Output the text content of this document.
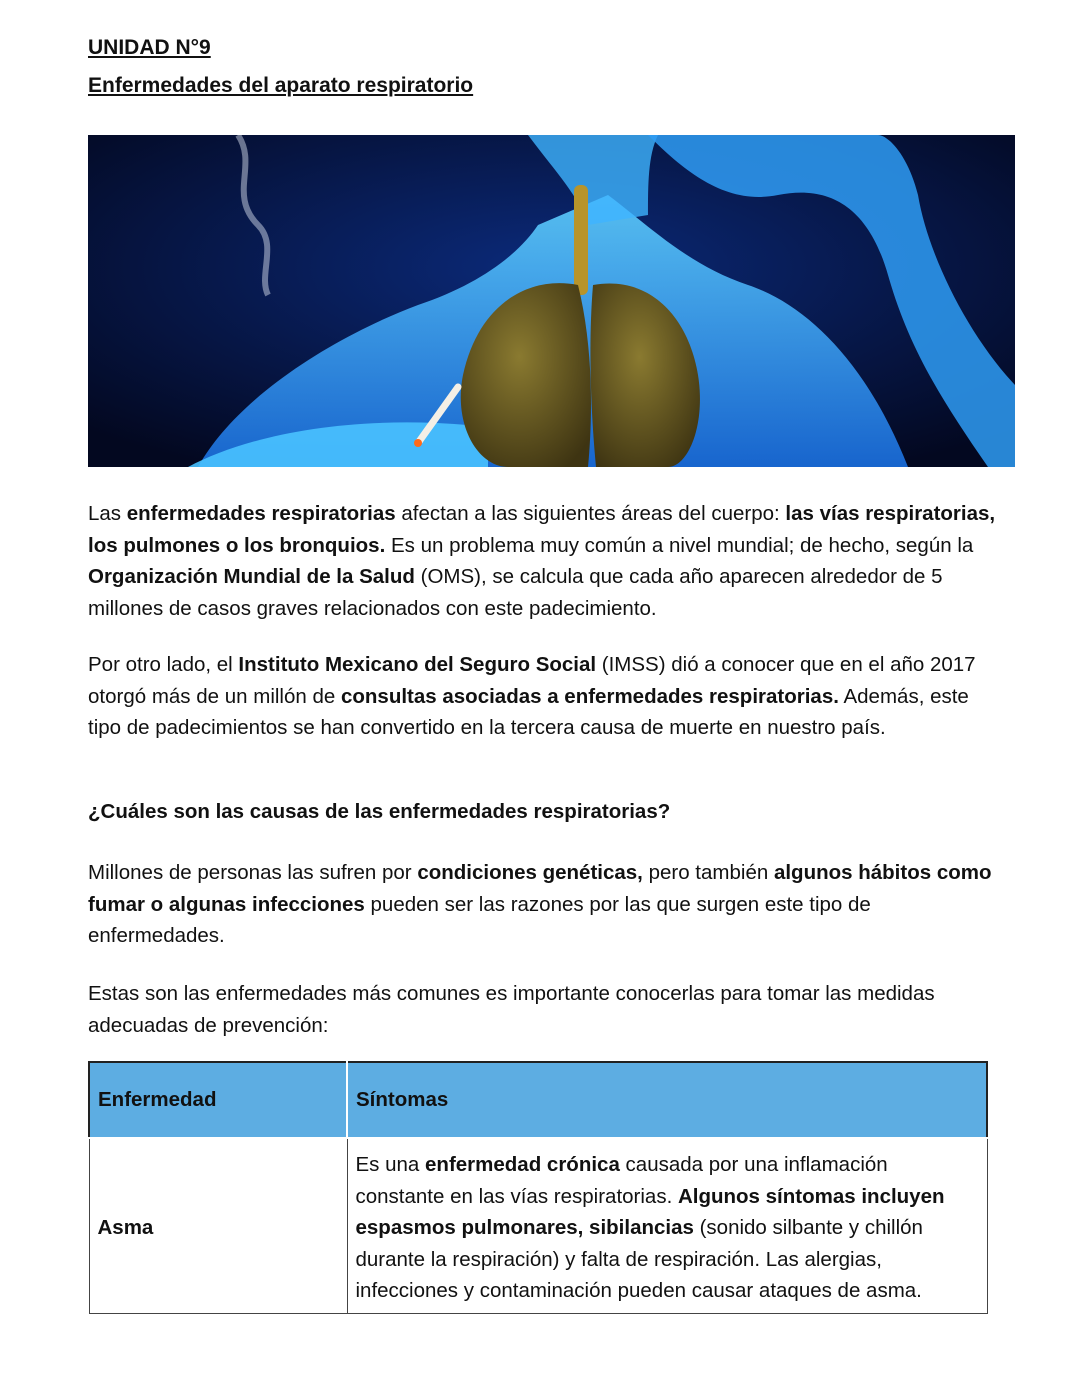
UNIDAD N°9
Enfermedades del aparato respiratorio

Las enfermedades respiratorias afectan a las siguientes áreas del cuerpo: las vías respiratorias, los pulmones o los bronquios. Es un problema muy común a nivel mundial; de hecho, según la Organización Mundial de la Salud (OMS), se calcula que cada año aparecen alrededor de 5 millones de casos graves relacionados con este padecimiento.

Por otro lado, el Instituto Mexicano del Seguro Social (IMSS) dió a conocer que en el año 2017 otorgó más de un millón de consultas asociadas a enfermedades respiratorias. Además, este tipo de padecimientos se han convertido en la tercera causa de muerte en nuestro país.

¿Cuáles son las causas de las enfermedades respiratorias?

Millones de personas las sufren por condiciones genéticas, pero también algunos hábitos como fumar o algunas infecciones pueden ser las razones por las que surgen este tipo de enfermedades.

Estas son las enfermedades más comunes es importante conocerlas para tomar las medidas adecuadas de prevención:

Enfermedad	Síntomas
Asma	Es una enfermedad crónica causada por una inflamación constante en las vías respiratorias. Algunos síntomas incluyen espasmos pulmonares, sibilancias (sonido silbante y chillón durante la respiración) y falta de respiración. Las alergias, infecciones y contaminación pueden causar ataques de asma.
